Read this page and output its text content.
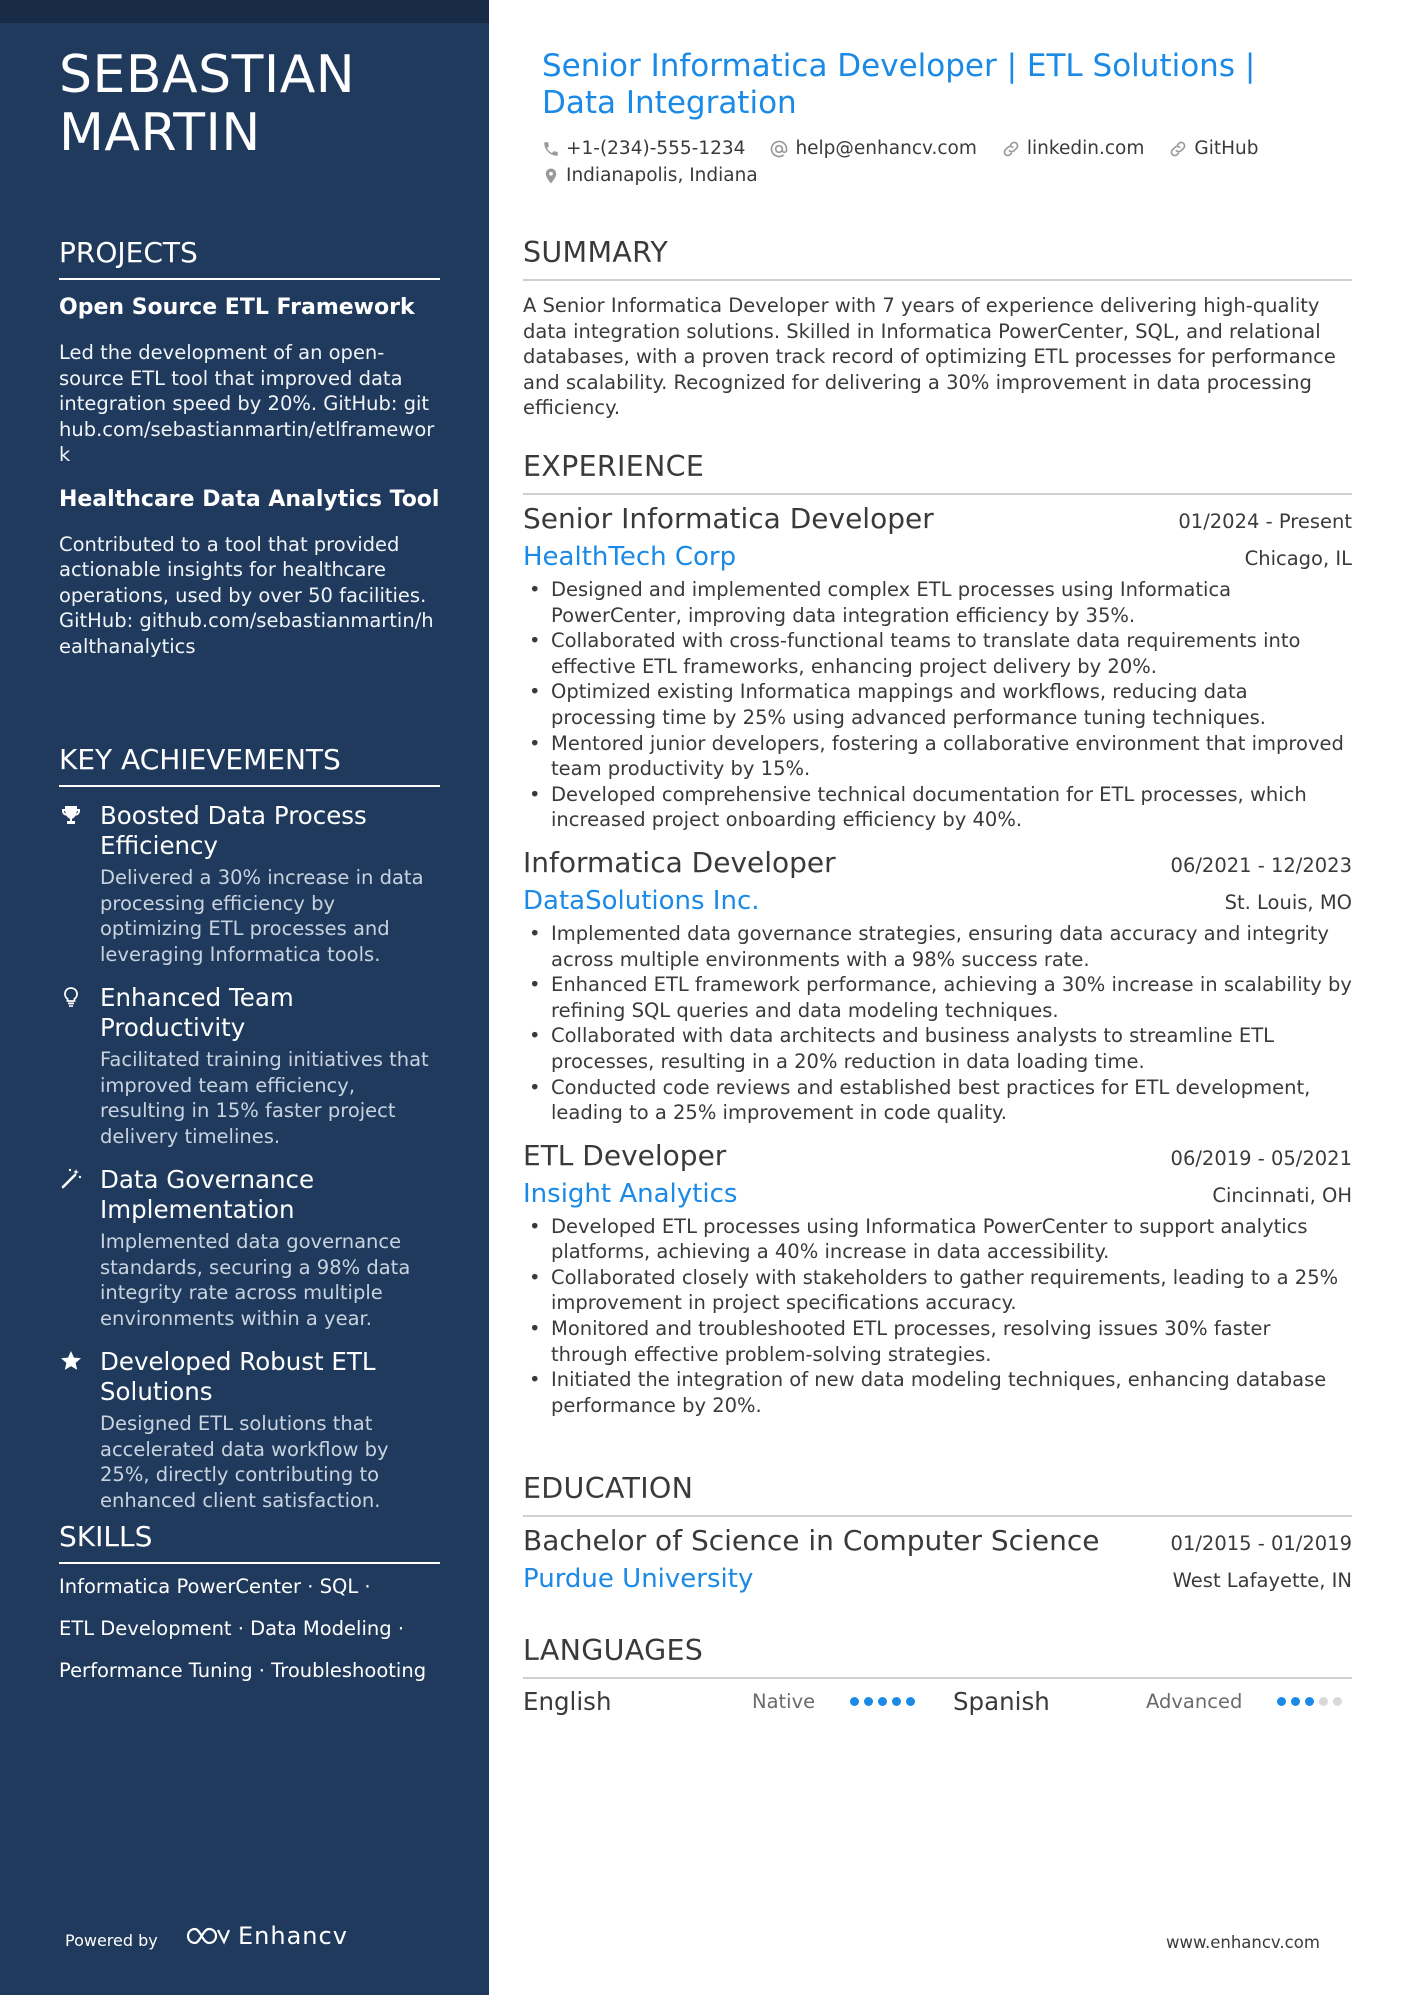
SEBASTIAN MARTIN
PROJECTS
Open Source ETL Framework
Led the development of an open-source ETL tool that improved data integration speed by 20%. GitHub: github.com/sebastianmartin/etlframework
Healthcare Data Analytics Tool
Contributed to a tool that provided actionable insights for healthcare operations, used by over 50 facilities. GitHub: github.com/sebastianmartin/healthanalytics
KEY ACHIEVEMENTS
Boosted Data Process Efficiency
Delivered a 30% increase in data processing efficiency by optimizing ETL processes and leveraging Informatica tools.
Enhanced Team Productivity
Facilitated training initiatives that improved team efficiency, resulting in 15% faster project delivery timelines.
Data Governance Implementation
Implemented data governance standards, securing a 98% data integrity rate across multiple environments within a year.
Developed Robust ETL Solutions
Designed ETL solutions that accelerated data workflow by 25%, directly contributing to enhanced client satisfaction.
SKILLS
Informatica PowerCenter · SQL ·
ETL Development · Data Modeling ·
Performance Tuning · Troubleshooting
Powered by	Enhancv
Senior Informatica Developer | ETL Solutions | Data Integration
+1-(234)-555-1234	help@enhancv.com	linkedin.com	GitHub
Indianapolis, Indiana
SUMMARY
A Senior Informatica Developer with 7 years of experience delivering high-quality data integration solutions. Skilled in Informatica PowerCenter, SQL, and relational databases, with a proven track record of optimizing ETL processes for performance and scalability. Recognized for delivering a 30% improvement in data processing efficiency.
EXPERIENCE
Senior Informatica Developer	01/2024 - Present
HealthTech Corp	Chicago, IL
• Designed and implemented complex ETL processes using Informatica PowerCenter, improving data integration efficiency by 35%.
• Collaborated with cross-functional teams to translate data requirements into effective ETL frameworks, enhancing project delivery by 20%.
• Optimized existing Informatica mappings and workflows, reducing data processing time by 25% using advanced performance tuning techniques.
• Mentored junior developers, fostering a collaborative environment that improved team productivity by 15%.
• Developed comprehensive technical documentation for ETL processes, which increased project onboarding efficiency by 40%.
Informatica Developer	06/2021 - 12/2023
DataSolutions Inc.	St. Louis, MO
• Implemented data governance strategies, ensuring data accuracy and integrity across multiple environments with a 98% success rate.
• Enhanced ETL framework performance, achieving a 30% increase in scalability by refining SQL queries and data modeling techniques.
• Collaborated with data architects and business analysts to streamline ETL processes, resulting in a 20% reduction in data loading time.
• Conducted code reviews and established best practices for ETL development, leading to a 25% improvement in code quality.
ETL Developer	06/2019 - 05/2021
Insight Analytics	Cincinnati, OH
• Developed ETL processes using Informatica PowerCenter to support analytics platforms, achieving a 40% increase in data accessibility.
• Collaborated closely with stakeholders to gather requirements, leading to a 25% improvement in project specifications accuracy.
• Monitored and troubleshooted ETL processes, resolving issues 30% faster through effective problem-solving strategies.
• Initiated the integration of new data modeling techniques, enhancing database performance by 20%.
EDUCATION
Bachelor of Science in Computer Science	01/2015 - 01/2019
Purdue University	West Lafayette, IN
LANGUAGES
English	Native	Spanish	Advanced
www.enhancv.com
